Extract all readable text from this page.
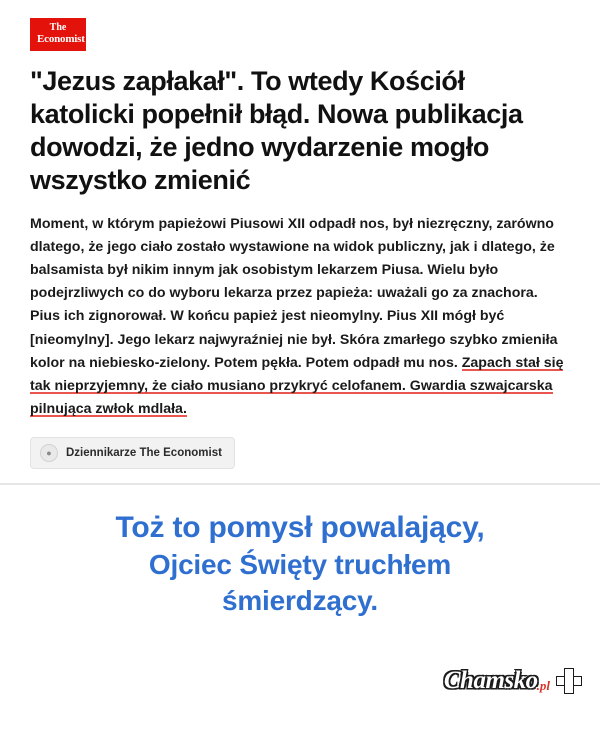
The
Economist
"Jezus zapłakał". To wtedy Kościół katolicki popełnił błąd. Nowa publikacja dowodzi, że jedno wydarzenie mogło wszystko zmienić

Moment, w którym papieżowi Piusowi XII odpadł nos, był niezręczny, zarówno dlatego, że jego ciało zostało wystawione na widok publiczny, jak i dlatego, że balsamista był nikim innym jak osobistym lekarzem Piusa. Wielu było podejrzliwych co do wyboru lekarza przez papieża: uważali go za znachora. Pius ich zignorował. W końcu papież jest nieomylny. Pius XII mógł być [nieomylny]. Jego lekarz najwyraźniej nie był. Skóra zmarłego szybko zmieniła kolor na niebiesko-zielony. Potem pękła. Potem odpadł mu nos. Zapach stał się tak nieprzyjemny, że ciało musiano przykryć celofanem. Gwardia szwajcarska pilnująca zwłok mdlała.

●	Dziennikarze The Economist
Toż to pomysł powalający,
Ojciec Święty truchłem
śmierdzący.
Chamsko .pl
